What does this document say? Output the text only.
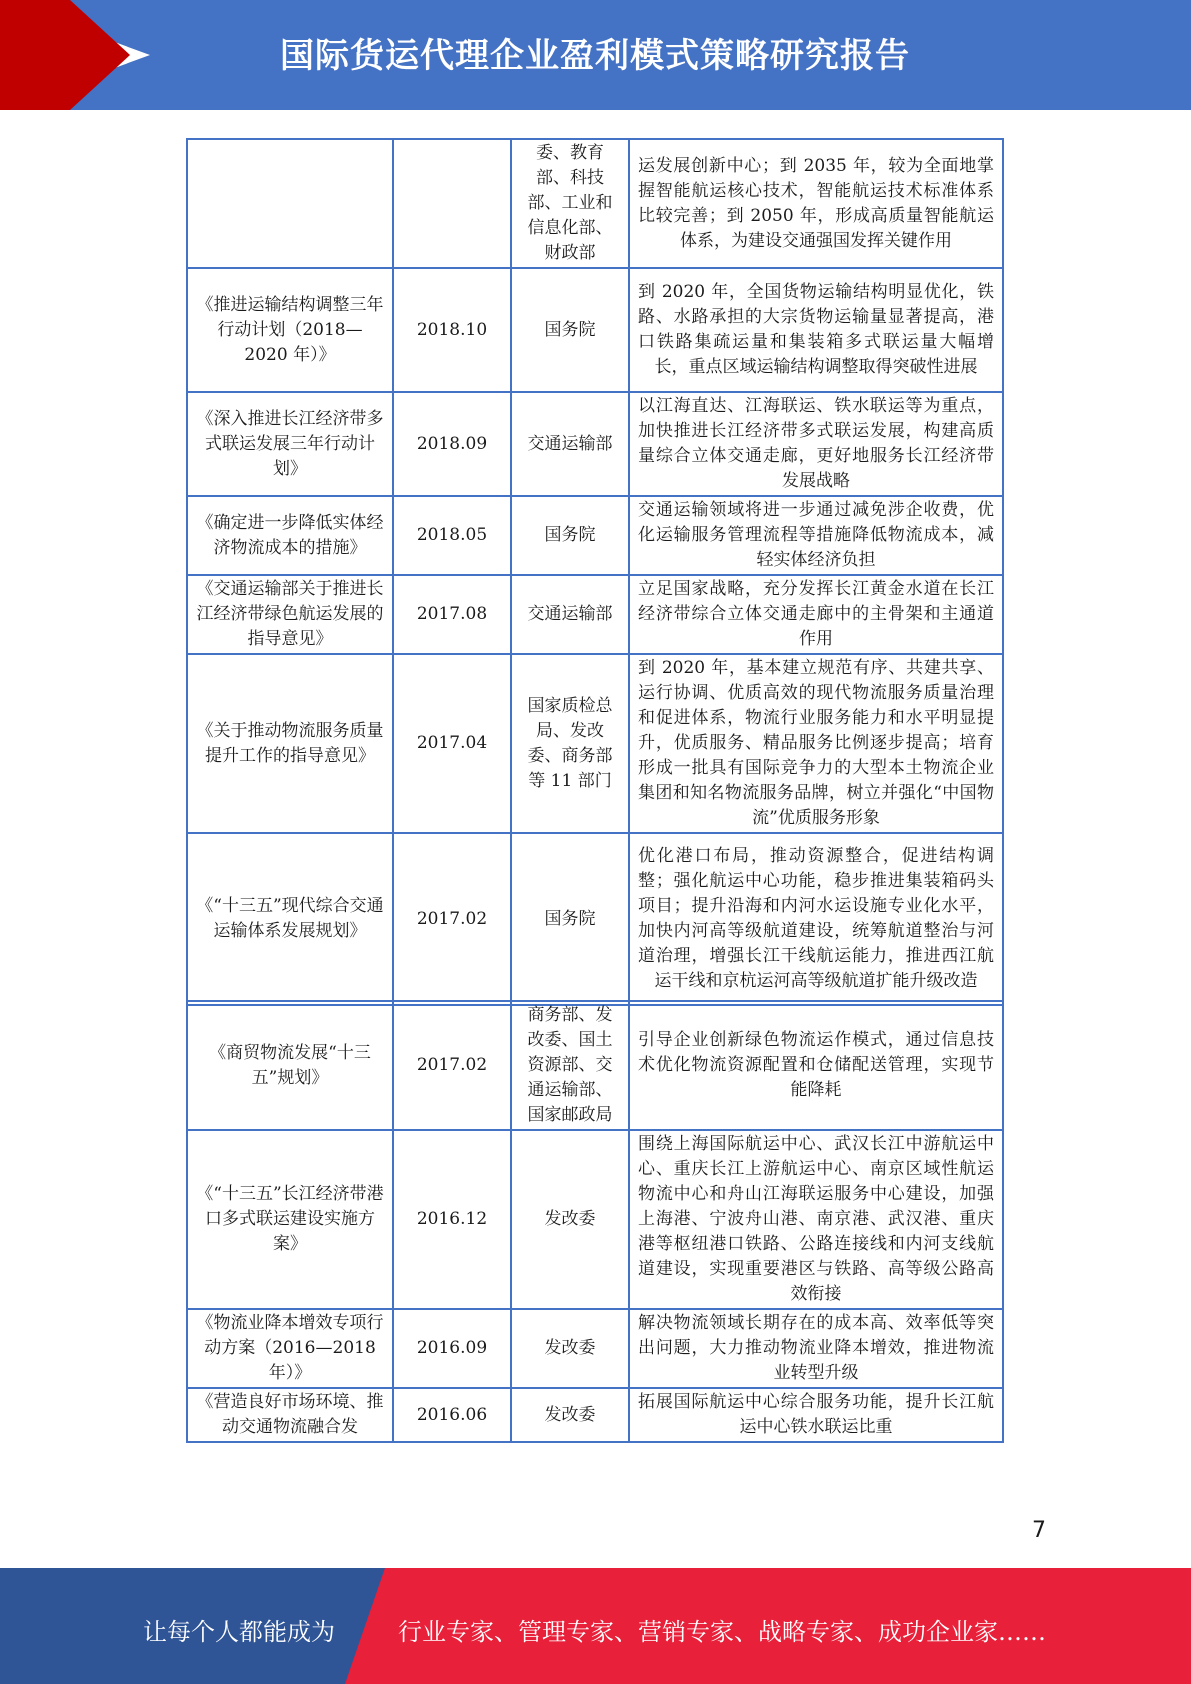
国际货运代理企业盈利模式策略研究报告
		委、教育部、科技部、工业和信息化部、财政部	运发展创新中心；到 2035 年，较为全面地掌握智能航运核心技术，智能航运技术标准体系比较完善；到 2050 年，形成高质量智能航运体系，为建设交通强国发挥关键作用
《推进运输结构调整三年行动计划（2018—2020 年）》	2018.10	国务院	到 2020 年，全国货物运输结构明显优化，铁路、水路承担的大宗货物运输量显著提高，港口铁路集疏运量和集装箱多式联运量大幅增长，重点区域运输结构调整取得突破性进展
《深入推进长江经济带多式联运发展三年行动计划》	2018.09	交通运输部	以江海直达、江海联运、铁水联运等为重点，加快推进长江经济带多式联运发展，构建高质量综合立体交通走廊，更好地服务长江经济带发展战略
《确定进一步降低实体经济物流成本的措施》	2018.05	国务院	交通运输领域将进一步通过减免涉企收费，优化运输服务管理流程等措施降低物流成本，减轻实体经济负担
《交通运输部关于推进长江经济带绿色航运发展的指导意见》	2017.08	交通运输部	立足国家战略，充分发挥长江黄金水道在长江经济带综合立体交通走廊中的主骨架和主通道作用
《关于推动物流服务质量提升工作的指导意见》	2017.04	国家质检总局、发改委、商务部等 11 部门	到 2020 年，基本建立规范有序、共建共享、运行协调、优质高效的现代物流服务质量治理和促进体系，物流行业服务能力和水平明显提升，优质服务、精品服务比例逐步提高；培育形成一批具有国际竞争力的大型本土物流企业集团和知名物流服务品牌，树立并强化“中国物流”优质服务形象
《“十三五”现代综合交通运输体系发展规划》	2017.02	国务院	优化港口布局，推动资源整合，促进结构调整；强化航运中心功能，稳步推进集装箱码头项目；提升沿海和内河水运设施专业化水平，加快内河高等级航道建设，统筹航道整治与河道治理，增强长江干线航运能力，推进西江航运干线和京杭运河高等级航道扩能升级改造
《商贸物流发展“十三五”规划》	2017.02	商务部、发改委、国土资源部、交通运输部、国家邮政局	引导企业创新绿色物流运作模式，通过信息技术优化物流资源配置和仓储配送管理，实现节能降耗
《“十三五”长江经济带港口多式联运建设实施方案》	2016.12	发改委	围绕上海国际航运中心、武汉长江中游航运中心、重庆长江上游航运中心、南京区域性航运物流中心和舟山江海联运服务中心建设，加强上海港、宁波舟山港、南京港、武汉港、重庆港等枢纽港口铁路、公路连接线和内河支线航道建设，实现重要港区与铁路、高等级公路高效衔接
《物流业降本增效专项行动方案（2016—2018 年）》	2016.09	发改委	解决物流领域长期存在的成本高、效率低等突出问题，大力推动物流业降本增效，推进物流业转型升级
《营造良好市场环境、推动交通物流融合发	2016.06	发改委	拓展国际航运中心综合服务功能，提升长江航运中心铁水联运比重
7
让每个人都能成为	行业专家、管理专家、营销专家、战略专家、成功企业家……
